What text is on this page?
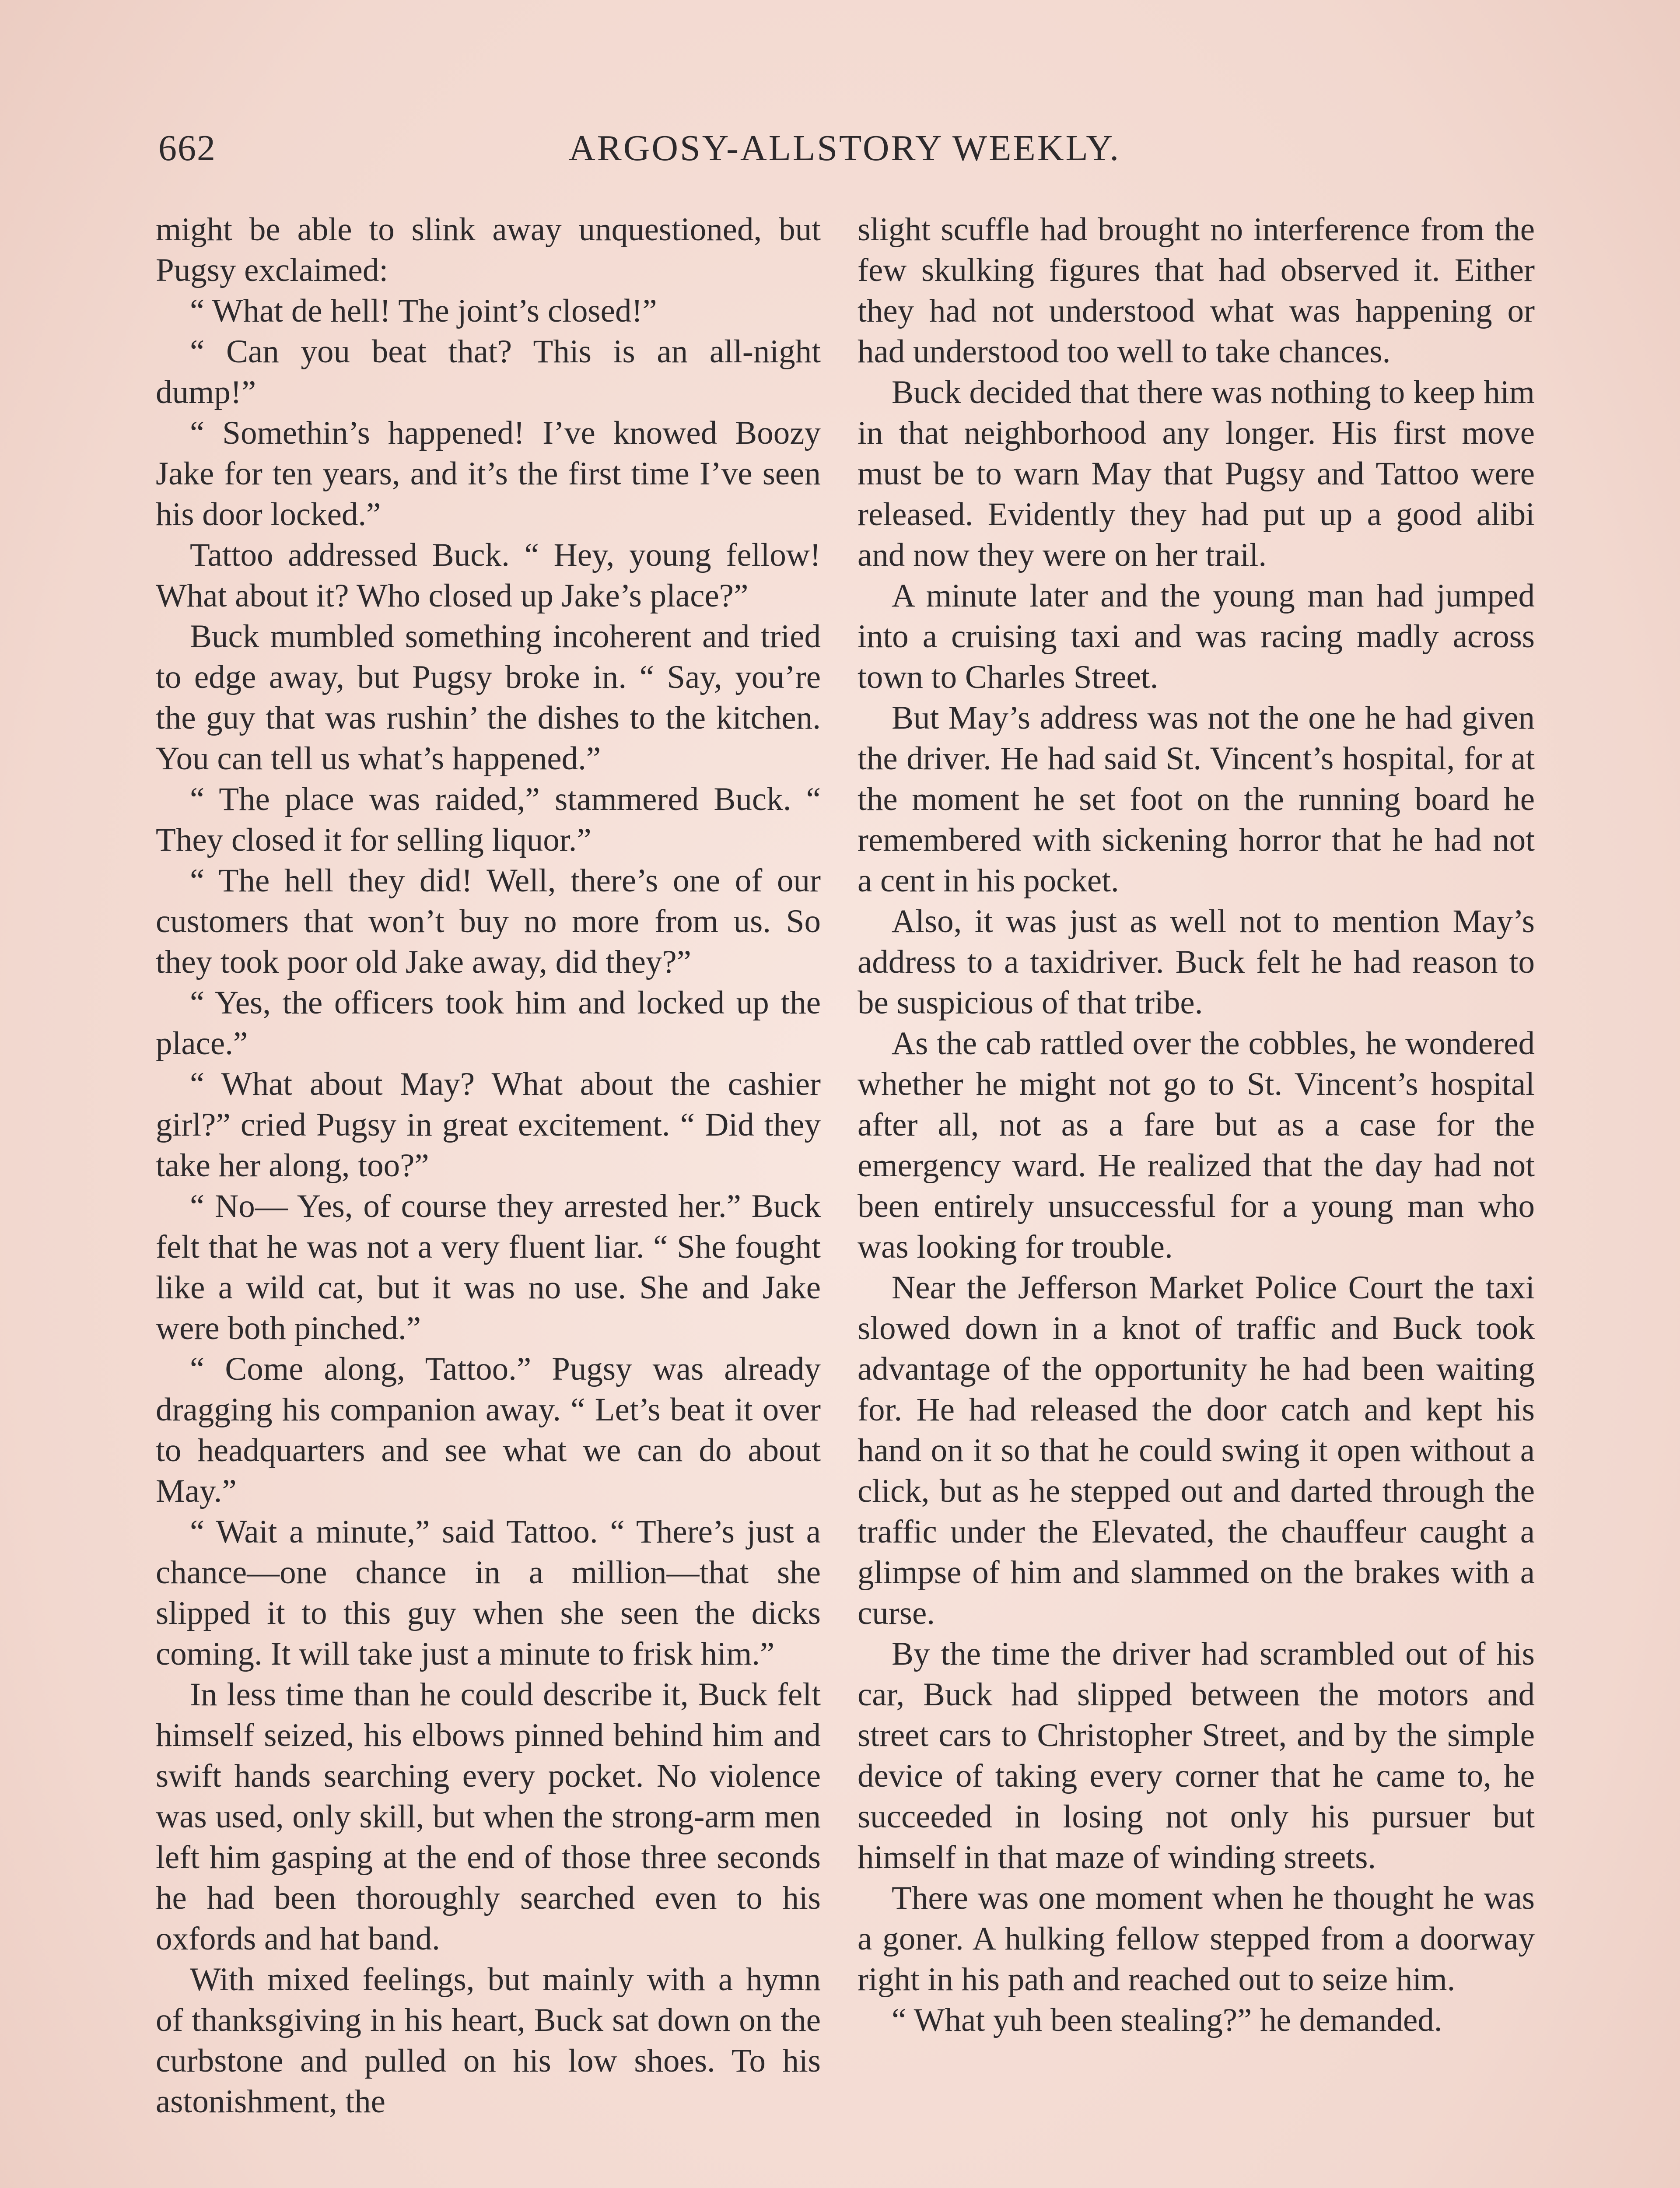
662	ARGOSY-ALLSTORY WEEKLY.

might be able to slink away unquestioned, but Pugsy exclaimed:

“ What de hell! The joint’s closed!”

“ Can you beat that? This is an all-night dump!”

“ Somethin’s happened! I’ve knowed Boozy Jake for ten years, and it’s the first time I’ve seen his door locked.”

Tattoo addressed Buck. “ Hey, young fellow! What about it? Who closed up Jake’s place?”

Buck mumbled something incoherent and tried to edge away, but Pugsy broke in. “ Say, you’re the guy that was rushin’ the dishes to the kitchen. You can tell us what’s happened.”

“ The place was raided,” stammered Buck. “ They closed it for selling liquor.”

“ The hell they did! Well, there’s one of our customers that won’t buy no more from us. So they took poor old Jake away, did they?”

“ Yes, the officers took him and locked up the place.”

“ What about May? What about the cashier girl?” cried Pugsy in great excitement. “ Did they take her along, too?”

“ No— Yes, of course they arrested her.” Buck felt that he was not a very fluent liar. “ She fought like a wild cat, but it was no use. She and Jake were both pinched.”

“ Come along, Tattoo.” Pugsy was already dragging his companion away. “ Let’s beat it over to headquarters and see what we can do about May.”

“ Wait a minute,” said Tattoo. “ There’s just a chance—one chance in a million—that she slipped it to this guy when she seen the dicks coming. It will take just a minute to frisk him.”

In less time than he could describe it, Buck felt himself seized, his elbows pinned behind him and swift hands searching every pocket. No violence was used, only skill, but when the strong-arm men left him gasping at the end of those three seconds he had been thoroughly searched even to his oxfords and hat band.

With mixed feelings, but mainly with a hymn of thanksgiving in his heart, Buck sat down on the curbstone and pulled on his low shoes. To his astonishment, the

slight scuffle had brought no interference from the few skulking figures that had observed it. Either they had not understood what was happening or had understood too well to take chances.

Buck decided that there was nothing to keep him in that neighborhood any longer. His first move must be to warn May that Pugsy and Tattoo were released. Evidently they had put up a good alibi and now they were on her trail.

A minute later and the young man had jumped into a cruising taxi and was racing madly across town to Charles Street.

But May’s address was not the one he had given the driver. He had said St. Vincent’s hospital, for at the moment he set foot on the running board he remembered with sickening horror that he had not a cent in his pocket.

Also, it was just as well not to mention May’s address to a taxidriver. Buck felt he had reason to be suspicious of that tribe.

As the cab rattled over the cobbles, he wondered whether he might not go to St. Vincent’s hospital after all, not as a fare but as a case for the emergency ward. He realized that the day had not been entirely unsuccessful for a young man who was looking for trouble.

Near the Jefferson Market Police Court the taxi slowed down in a knot of traffic and Buck took advantage of the opportunity he had been waiting for. He had released the door catch and kept his hand on it so that he could swing it open without a click, but as he stepped out and darted through the traffic under the Elevated, the chauffeur caught a glimpse of him and slammed on the brakes with a curse.

By the time the driver had scrambled out of his car, Buck had slipped between the motors and street cars to Christopher Street, and by the simple device of taking every corner that he came to, he succeeded in losing not only his pursuer but himself in that maze of winding streets.

There was one moment when he thought he was a goner. A hulking fellow stepped from a doorway right in his path and reached out to seize him.

“ What yuh been stealing?” he demanded.
